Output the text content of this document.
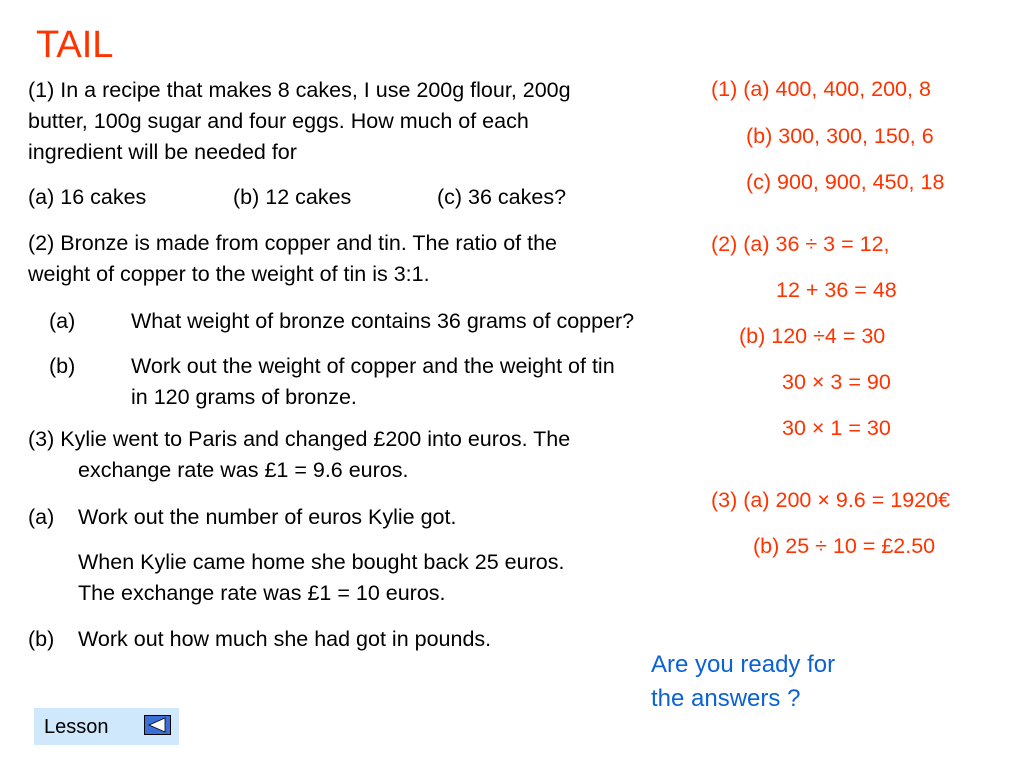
TAIL
(1) In a recipe that makes 8 cakes, I use 200g flour, 200g
butter, 100g sugar and four eggs. How much of each
ingredient will be needed for
(a) 16 cakes	(b) 12 cakes	(c) 36 cakes?
(2) Bronze is made from copper and tin. The ratio of the
weight of copper to the weight of tin is 3:1.
(a)	What weight of bronze contains 36 grams of copper?
(b)	Work out the weight of copper and the weight of tin
in 120 grams of bronze.
(3) Kylie went to Paris and changed £200 into euros. The
exchange rate was £1 = 9.6 euros.
(a) Work out the number of euros Kylie got.
When Kylie came home she bought back 25 euros.
The exchange rate was £1 = 10 euros.
(b) Work out how much she had got in pounds.
(1) (a) 400, 400, 200, 8
(b) 300, 300, 150, 6
(c) 900, 900, 450, 18
(2) (a) 36 ÷ 3 = 12,
12 + 36 = 48
(b) 120 ÷4 = 30
30 × 3 = 90
30 × 1 = 30
(3) (a) 200 × 9.6 = 1920€
(b) 25 ÷ 10 = £2.50
Are you ready for
the answers ?
Lesson
